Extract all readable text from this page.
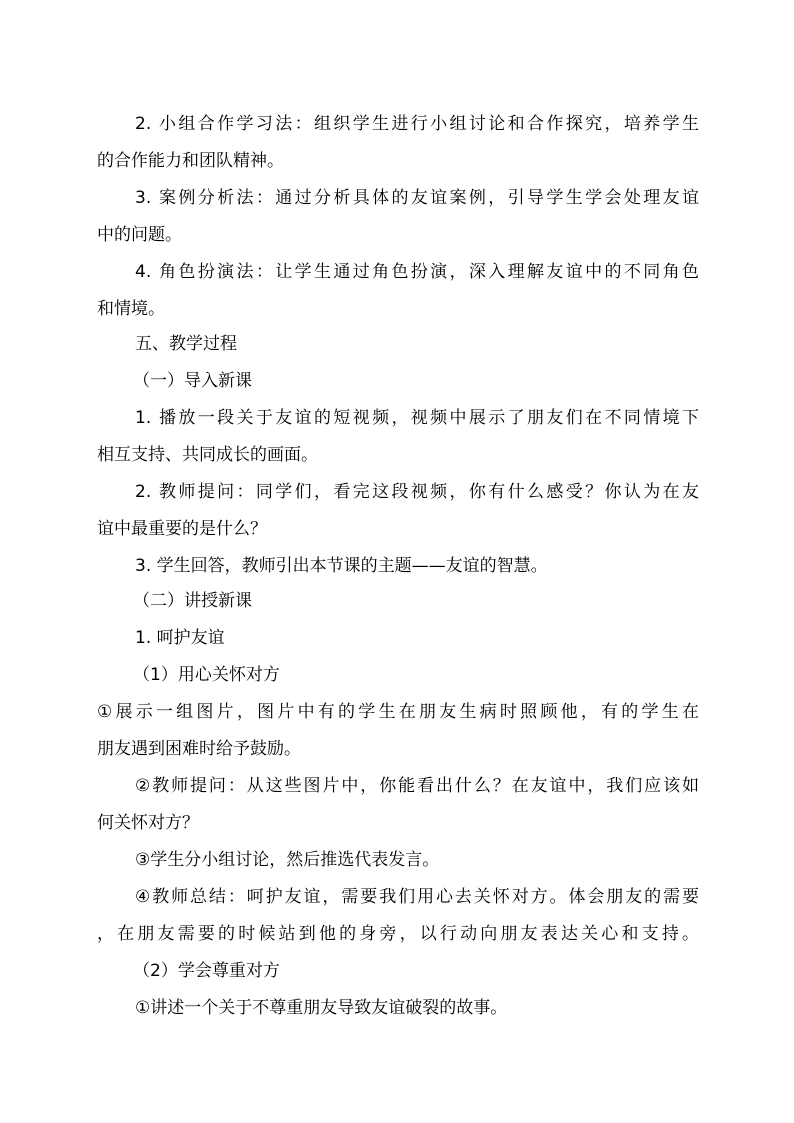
2. 小组合作学习法：组织学生进行小组讨论和合作探究，培养学生
的合作能力和团队精神。
3. 案例分析法：通过分析具体的友谊案例，引导学生学会处理友谊
中的问题。
4. 角色扮演法：让学生通过角色扮演，深入理解友谊中的不同角色
和情境。
五、教学过程
（一）导入新课
1. 播放一段关于友谊的短视频，视频中展示了朋友们在不同情境下
相互支持、共同成长的画面。
2. 教师提问：同学们，看完这段视频，你有什么感受？你认为在友
谊中最重要的是什么？
3. 学生回答，教师引出本节课的主题——友谊的智慧。
（二）讲授新课
1. 呵护友谊
（1）用心关怀对方
①展示一组图片，图片中有的学生在朋友生病时照顾他，有的学生在
朋友遇到困难时给予鼓励。
②教师提问：从这些图片中，你能看出什么？在友谊中，我们应该如
何关怀对方？
③学生分小组讨论，然后推选代表发言。
④教师总结：呵护友谊，需要我们用心去关怀对方。体会朋友的需要
，在朋友需要的时候站到他的身旁，以行动向朋友表达关心和支持。
（2）学会尊重对方
①讲述一个关于不尊重朋友导致友谊破裂的故事。
